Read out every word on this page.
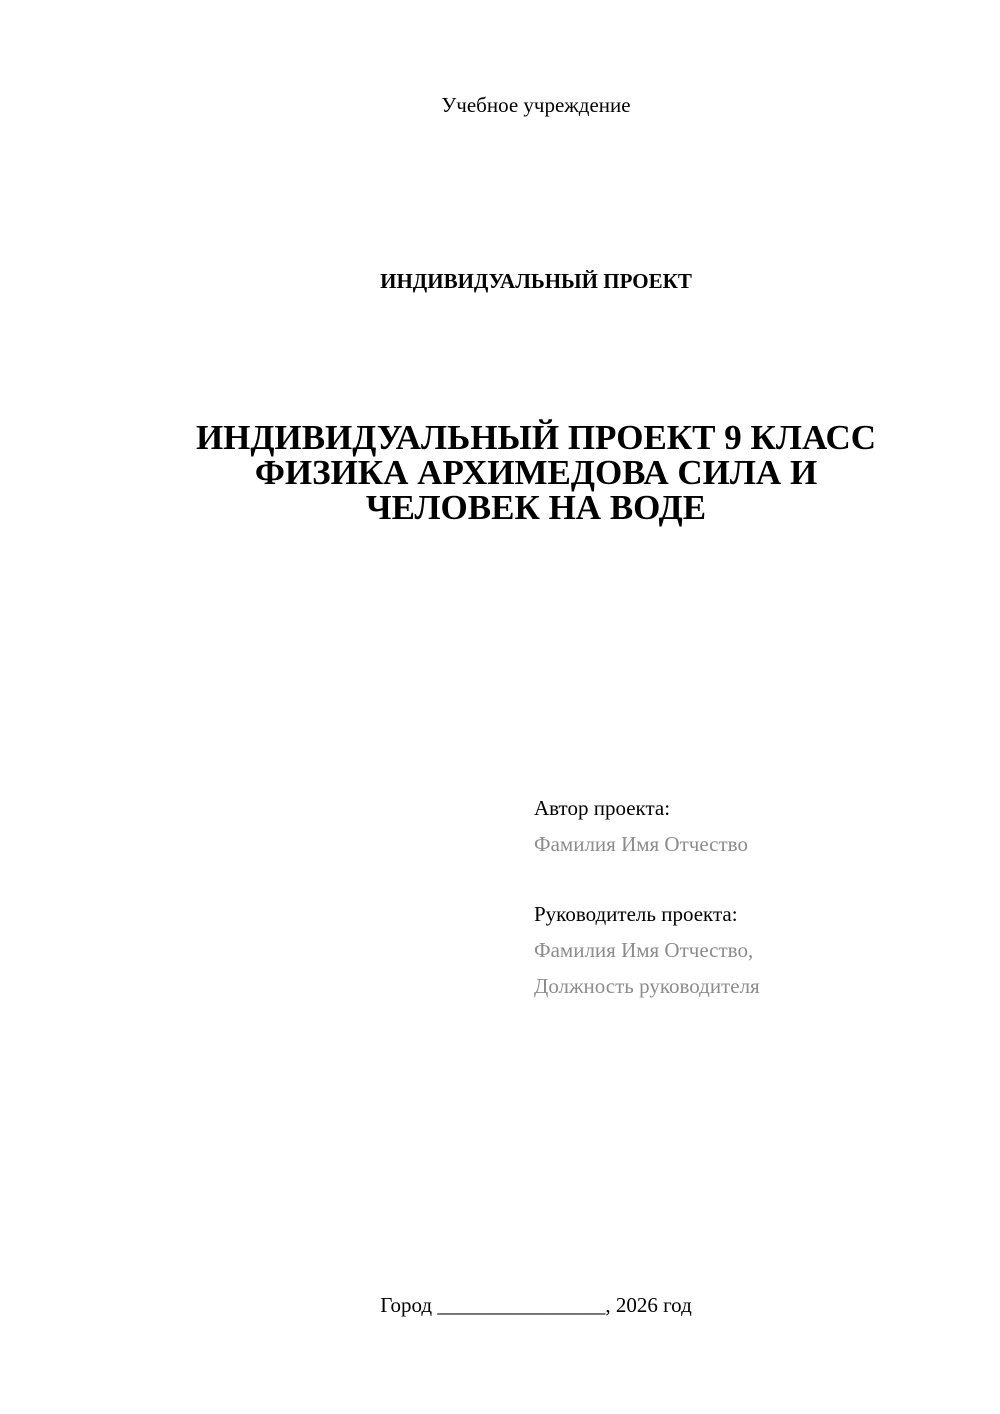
Учебное учреждение
ИНДИВИДУАЛЬНЫЙ ПРОЕКТ
ИНДИВИДУАЛЬНЫЙ ПРОЕКТ 9 КЛАСС
ФИЗИКА АРХИМЕДОВА СИЛА И
ЧЕЛОВЕК НА ВОДЕ
Автор проекта:
Фамилия Имя Отчество
Руководитель проекта:
Фамилия Имя Отчество,
Должность руководителя
Город ________________, 2026 год
